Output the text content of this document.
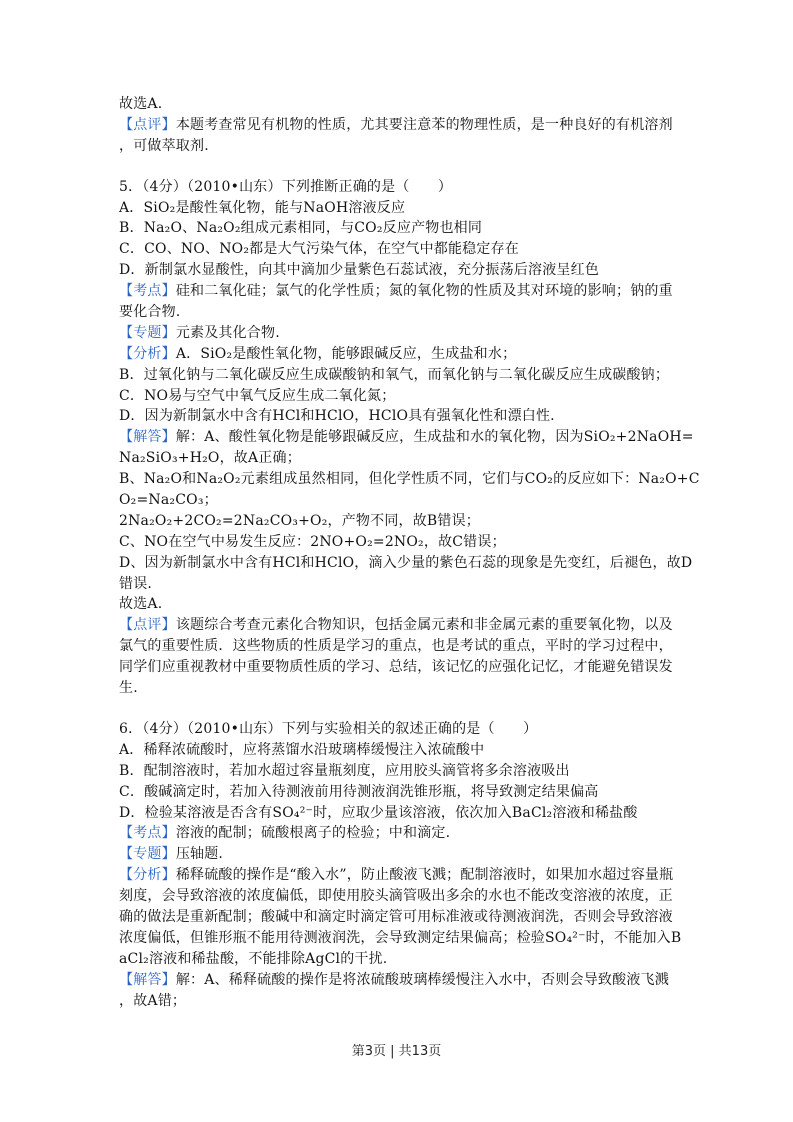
故选A.
【点评】本题考查常见有机物的性质，尤其要注意苯的物理性质，是一种良好的有机溶剂
，可做萃取剂.
5．（4分）（2010•山东）下列推断正确的是（　　）
A．SiO₂是酸性氧化物，能与NaOH溶液反应
B．Na₂O、Na₂O₂组成元素相同，与CO₂反应产物也相同
C．CO、NO、NO₂都是大气污染气体，在空气中都能稳定存在
D．新制氯水显酸性，向其中滴加少量紫色石蕊试液，充分振荡后溶液呈红色
【考点】硅和二氧化硅；氯气的化学性质；氮的氧化物的性质及其对环境的影响；钠的重
要化合物.
【专题】元素及其化合物.
【分析】A．SiO₂是酸性氧化物，能够跟碱反应，生成盐和水；
B．过氧化钠与二氧化碳反应生成碳酸钠和氧气，而氧化钠与二氧化碳反应生成碳酸钠；
C．NO易与空气中氧气反应生成二氧化氮；
D．因为新制氯水中含有HCl和HClO，HClO具有强氧化性和漂白性.
【解答】解：A、酸性氧化物是能够跟碱反应，生成盐和水的氧化物，因为SiO₂+2NaOH=
Na₂SiO₃+H₂O，故A正确；
B、Na₂O和Na₂O₂元素组成虽然相同，但化学性质不同，它们与CO₂的反应如下：Na₂O+C
O₂=Na₂CO₃；
2Na₂O₂+2CO₂=2Na₂CO₃+O₂，产物不同，故B错误；
C、NO在空气中易发生反应：2NO+O₂=2NO₂，故C错误；
D、因为新制氯水中含有HCl和HClO，滴入少量的紫色石蕊的现象是先变红，后褪色，故D
错误.
故选A.
【点评】该题综合考查元素化合物知识，包括金属元素和非金属元素的重要氧化物，以及
氯气的重要性质．这些物质的性质是学习的重点，也是考试的重点，平时的学习过程中，
同学们应重视教材中重要物质性质的学习、总结，该记忆的应强化记忆，才能避免错误发
生.
6．（4分）（2010•山东）下列与实验相关的叙述正确的是（　　）
A．稀释浓硫酸时，应将蒸馏水沿玻璃棒缓慢注入浓硫酸中
B．配制溶液时，若加水超过容量瓶刻度，应用胶头滴管将多余溶液吸出
C．酸碱滴定时，若加入待测液前用待测液润洗锥形瓶，将导致测定结果偏高
D．检验某溶液是否含有SO₄²⁻时，应取少量该溶液，依次加入BaCl₂溶液和稀盐酸
【考点】溶液的配制；硫酸根离子的检验；中和滴定.
【专题】压轴题.
【分析】稀释硫酸的操作是“酸入水”，防止酸液飞溅；配制溶液时，如果加水超过容量瓶
刻度，会导致溶液的浓度偏低，即使用胶头滴管吸出多余的水也不能改变溶液的浓度，正
确的做法是重新配制；酸碱中和滴定时滴定管可用标准液或待测液润洗，否则会导致溶液
浓度偏低，但锥形瓶不能用待测液润洗，会导致测定结果偏高；检验SO₄²⁻时，不能加入B
aCl₂溶液和稀盐酸，不能排除AgCl的干扰.
【解答】解：A、稀释硫酸的操作是将浓硫酸玻璃棒缓慢注入水中，否则会导致酸液飞溅
，故A错；
第3页 | 共13页
